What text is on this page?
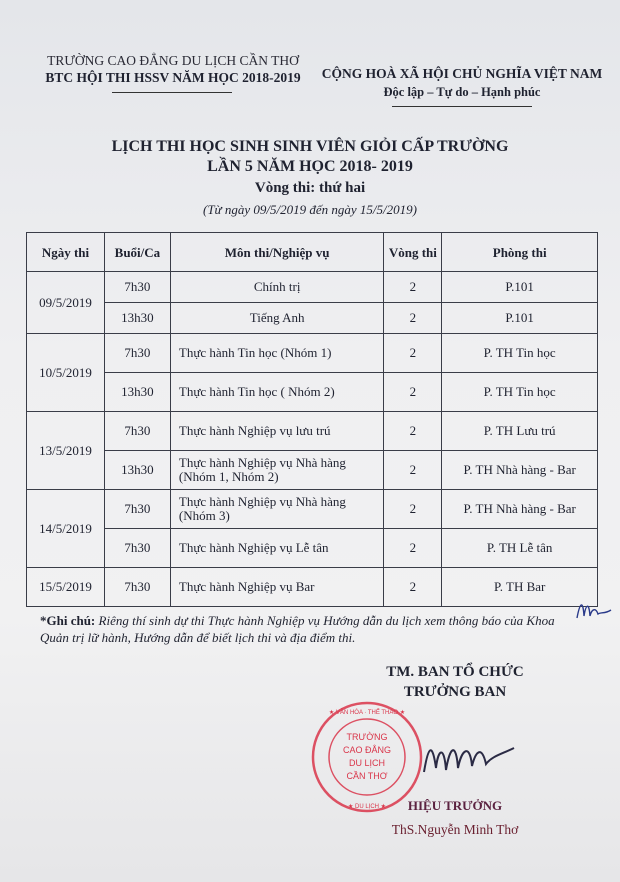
TRƯỜNG CAO ĐẲNG DU LỊCH CẦN THƠ
BTC HỘI THI HSSV NĂM HỌC 2018-2019	CỘNG HOÀ XÃ HỘI CHỦ NGHĨA VIỆT NAM
Độc lập – Tự do – Hạnh phúc
LỊCH THI HỌC SINH SINH VIÊN GIỎI CẤP TRƯỜNG
LẦN 5 NĂM HỌC 2018- 2019
Vòng thi: thứ hai
(Từ ngày 09/5/2019 đến ngày 15/5/2019)
Ngày thi	Buổi/Ca	Môn thi/Nghiệp vụ	Vòng thi	Phòng thi
09/5/2019	7h30	Chính trị	2	P.101
	13h30	Tiếng Anh	2	P.101
10/5/2019	7h30	Thực hành Tin học (Nhóm 1)	2	P. TH Tin học
	13h30	Thực hành Tin học ( Nhóm 2)	2	P. TH Tin học
13/5/2019	7h30	Thực hành Nghiệp vụ lưu trú	2	P. TH Lưu trú
	13h30	Thực hành Nghiệp vụ Nhà hàng (Nhóm 1, Nhóm 2)	2	P. TH Nhà hàng - Bar
14/5/2019	7h30	Thực hành Nghiệp vụ Nhà hàng (Nhóm 3)	2	P. TH Nhà hàng - Bar
	7h30	Thực hành Nghiệp vụ Lễ tân	2	P. TH Lễ tân
15/5/2019	7h30	Thực hành Nghiệp vụ Bar	2	P. TH Bar
*Ghi chú: Riêng thí sinh dự thi Thực hành Nghiệp vụ Hướng dẫn du lịch xem thông báo của Khoa Quản trị lữ hành, Hướng dẫn để biết lịch thi và địa điểm thi.
TM. BAN TỔ CHỨC
TRƯỞNG BAN
★ VĂN HÓA · THỂ THAO ★
★ DU LỊCH ★
TRƯỜNG
CAO ĐẲNG
DU LỊCH
CẦN THƠ
HIỆU TRƯỞNG
ThS.Nguyễn Minh Thơ
